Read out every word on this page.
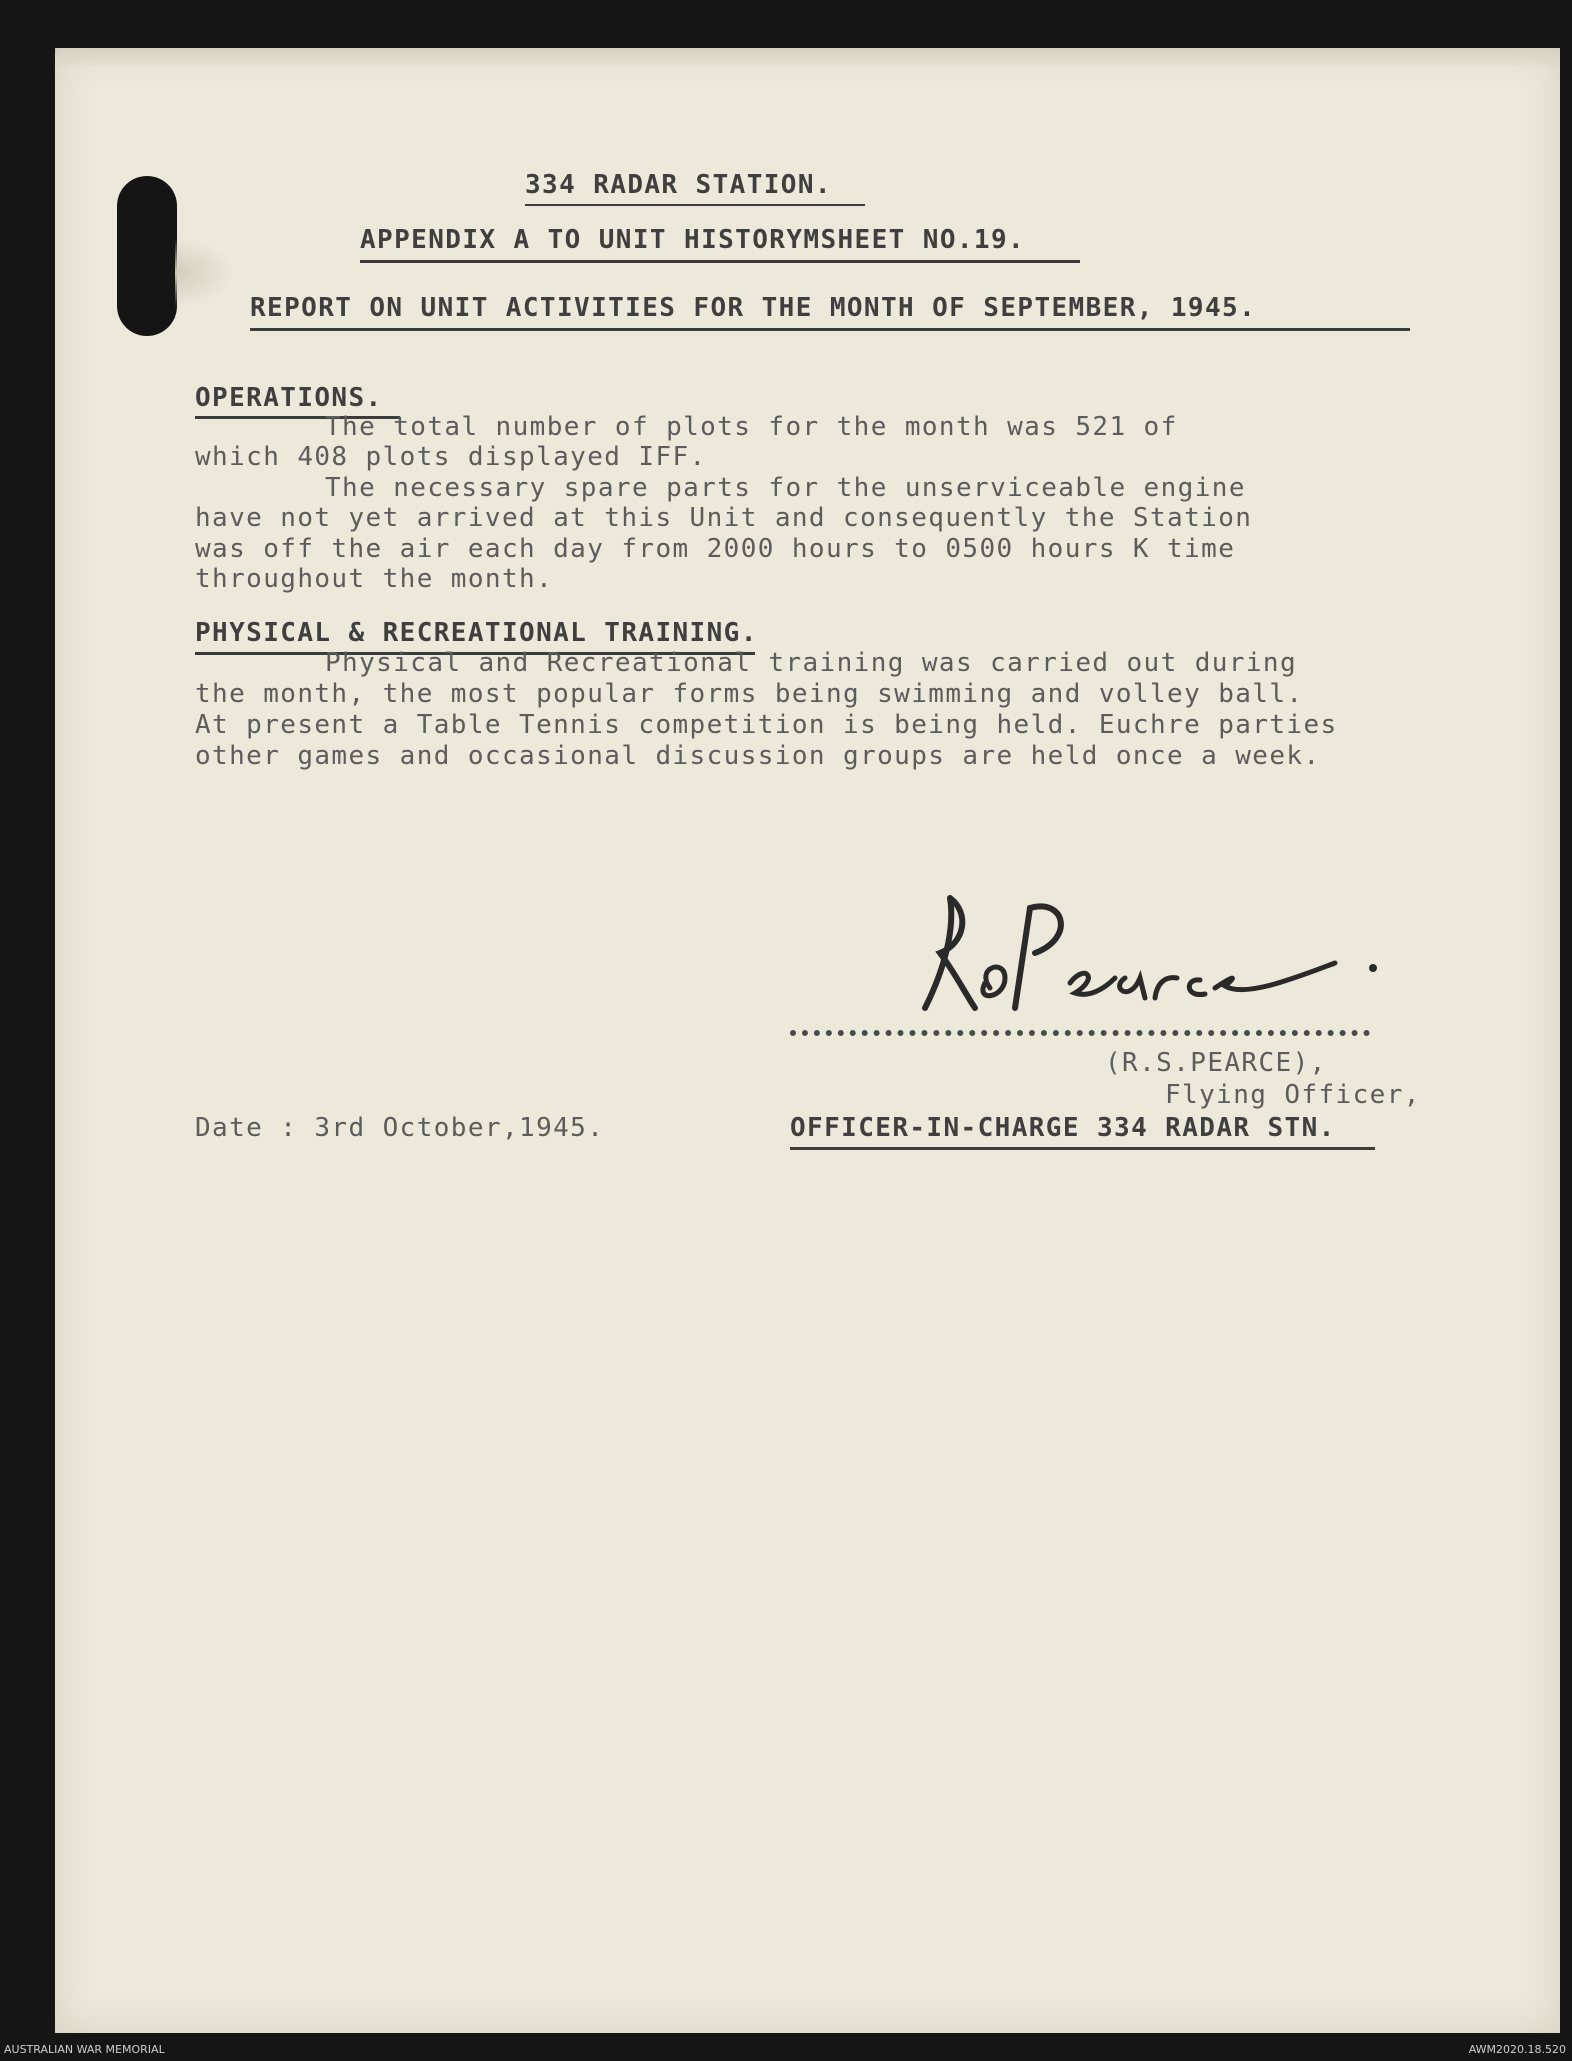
334 RADAR STATION.
APPENDIX A TO UNIT HISTORYMSHEET NO.19.
REPORT ON UNIT ACTIVITIES FOR THE MONTH OF SEPTEMBER, 1945.
OPERATIONS.
The total number of plots for the month was 521 of
which 408 plots displayed IFF.
The necessary spare parts for the unserviceable engine
have not yet arrived at this Unit and consequently the Station
was off the air each day from 2000 hours to 0500 hours K time
throughout the month.
PHYSICAL & RECREATIONAL TRAINING.
Physical and Recreational training was carried out during
the month, the most popular forms being swimming and volley ball.
At present a Table Tennis competition is being held. Euchre parties
other games and occasional discussion groups are held once a week.
(R.S.PEARCE),
Flying Officer,
Date : 3rd October,1945.	OFFICER-IN-CHARGE 334 RADAR STN.
AUSTRALIAN WAR MEMORIAL	AWM2020.18.520
